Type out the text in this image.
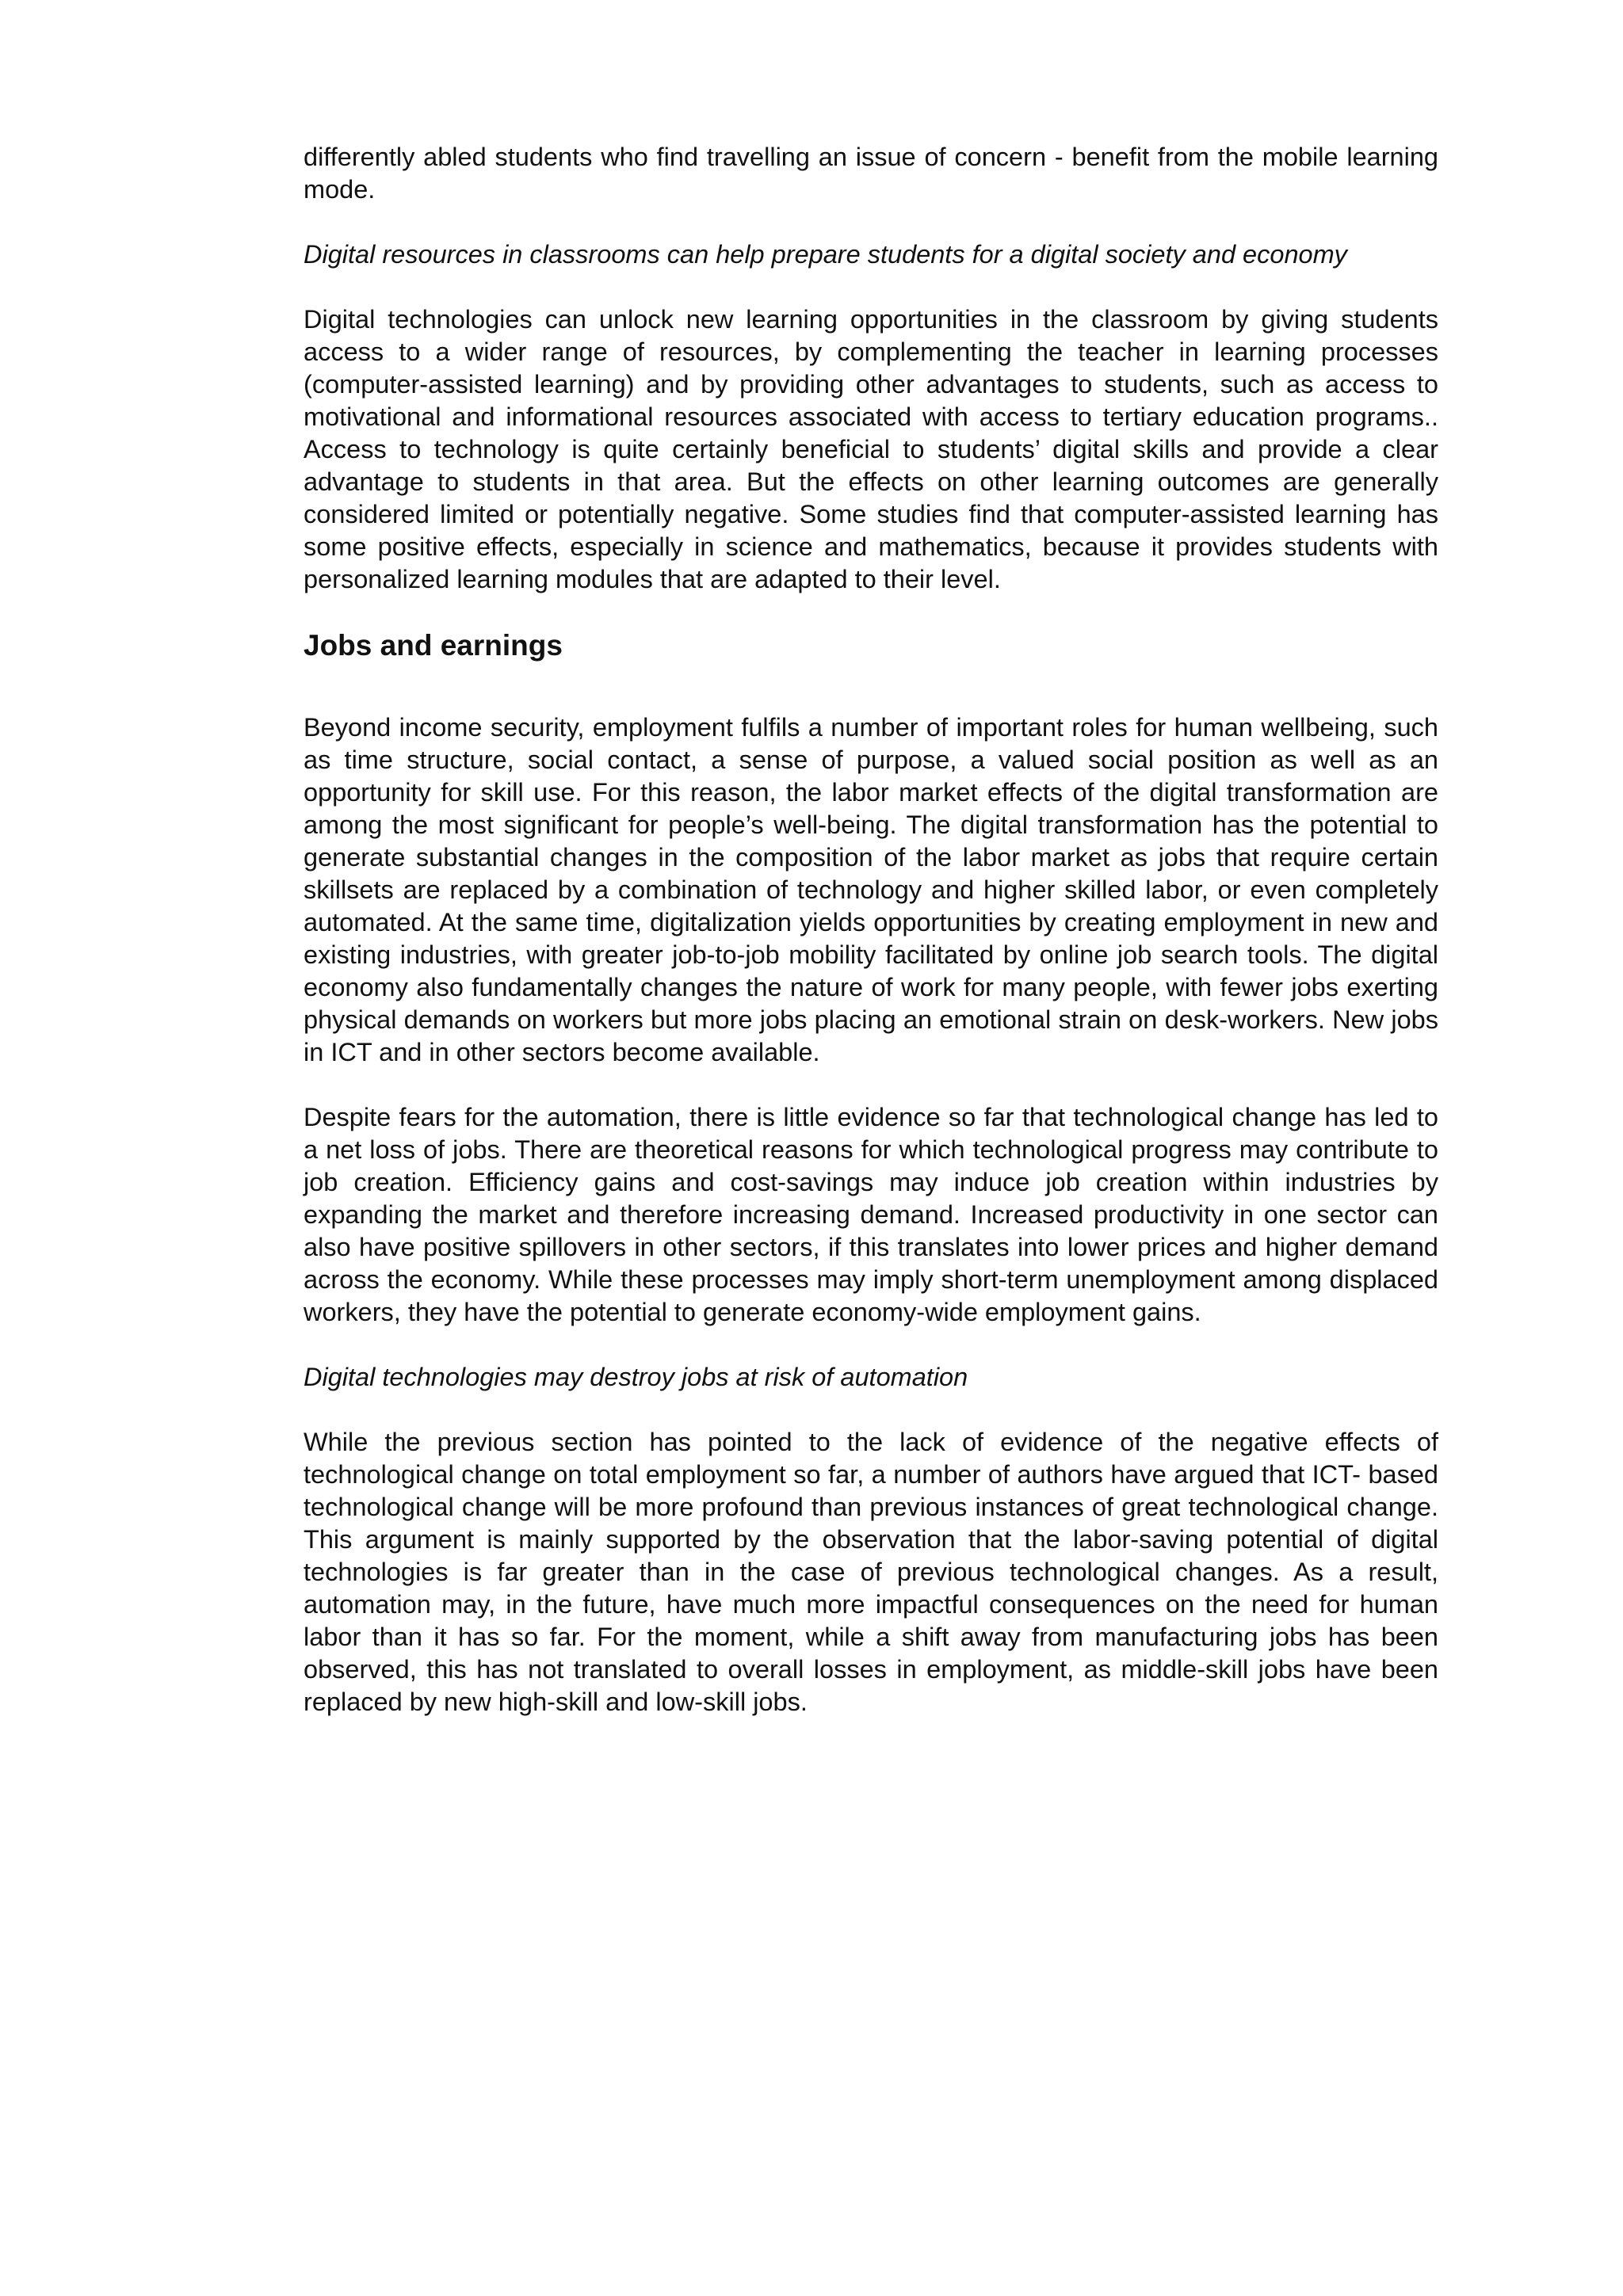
differently abled students who find travelling an issue of concern - benefit from the mobile learning mode.

Digital resources in classrooms can help prepare students for a digital society and economy

Digital technologies can unlock new learning opportunities in the classroom by giving students access to a wider range of resources, by complementing the teacher in learning processes (computer-assisted learning) and by providing other advantages to students, such as access to motivational and informational resources associated with access to tertiary education programs.. Access to technology is quite certainly beneficial to students’ digital skills and provide a clear advantage to students in that area. But the effects on other learning outcomes are generally considered limited or potentially negative. Some studies find that computer-assisted learning has some positive effects, especially in science and mathematics, because it provides students with personalized learning modules that are adapted to their level.

Jobs and earnings

Beyond income security, employment fulfils a number of important roles for human wellbeing, such as time structure, social contact, a sense of purpose, a valued social position as well as an opportunity for skill use. For this reason, the labor market effects of the digital transformation are among the most significant for people’s well-being. The digital transformation has the potential to generate substantial changes in the composition of the labor market as jobs that require certain skillsets are replaced by a combination of technology and higher skilled labor, or even completely automated. At the same time, digitalization yields opportunities by creating employment in new and existing industries, with greater job-to-job mobility facilitated by online job search tools. The digital economy also fundamentally changes the nature of work for many people, with fewer jobs exerting physical demands on workers but more jobs placing an emotional strain on desk-workers. New jobs in ICT and in other sectors become available.

Despite fears for the automation, there is little evidence so far that technological change has led to a net loss of jobs. There are theoretical reasons for which technological progress may contribute to job creation. Efficiency gains and cost-savings may induce job creation within industries by expanding the market and therefore increasing demand. Increased productivity in one sector can also have positive spillovers in other sectors, if this translates into lower prices and higher demand across the economy. While these processes may imply short-term unemployment among displaced workers, they have the potential to generate economy-wide employment gains.

Digital technologies may destroy jobs at risk of automation

While the previous section has pointed to the lack of evidence of the negative effects of technological change on total employment so far, a number of authors have argued that ICT- based technological change will be more profound than previous instances of great technological change. This argument is mainly supported by the observation that the labor-saving potential of digital technologies is far greater than in the case of previous technological changes. As a result, automation may, in the future, have much more impactful consequences on the need for human labor than it has so far. For the moment, while a shift away from manufacturing jobs has been observed, this has not translated to overall losses in employment, as middle-skill jobs have been replaced by new high-skill and low-skill jobs.
